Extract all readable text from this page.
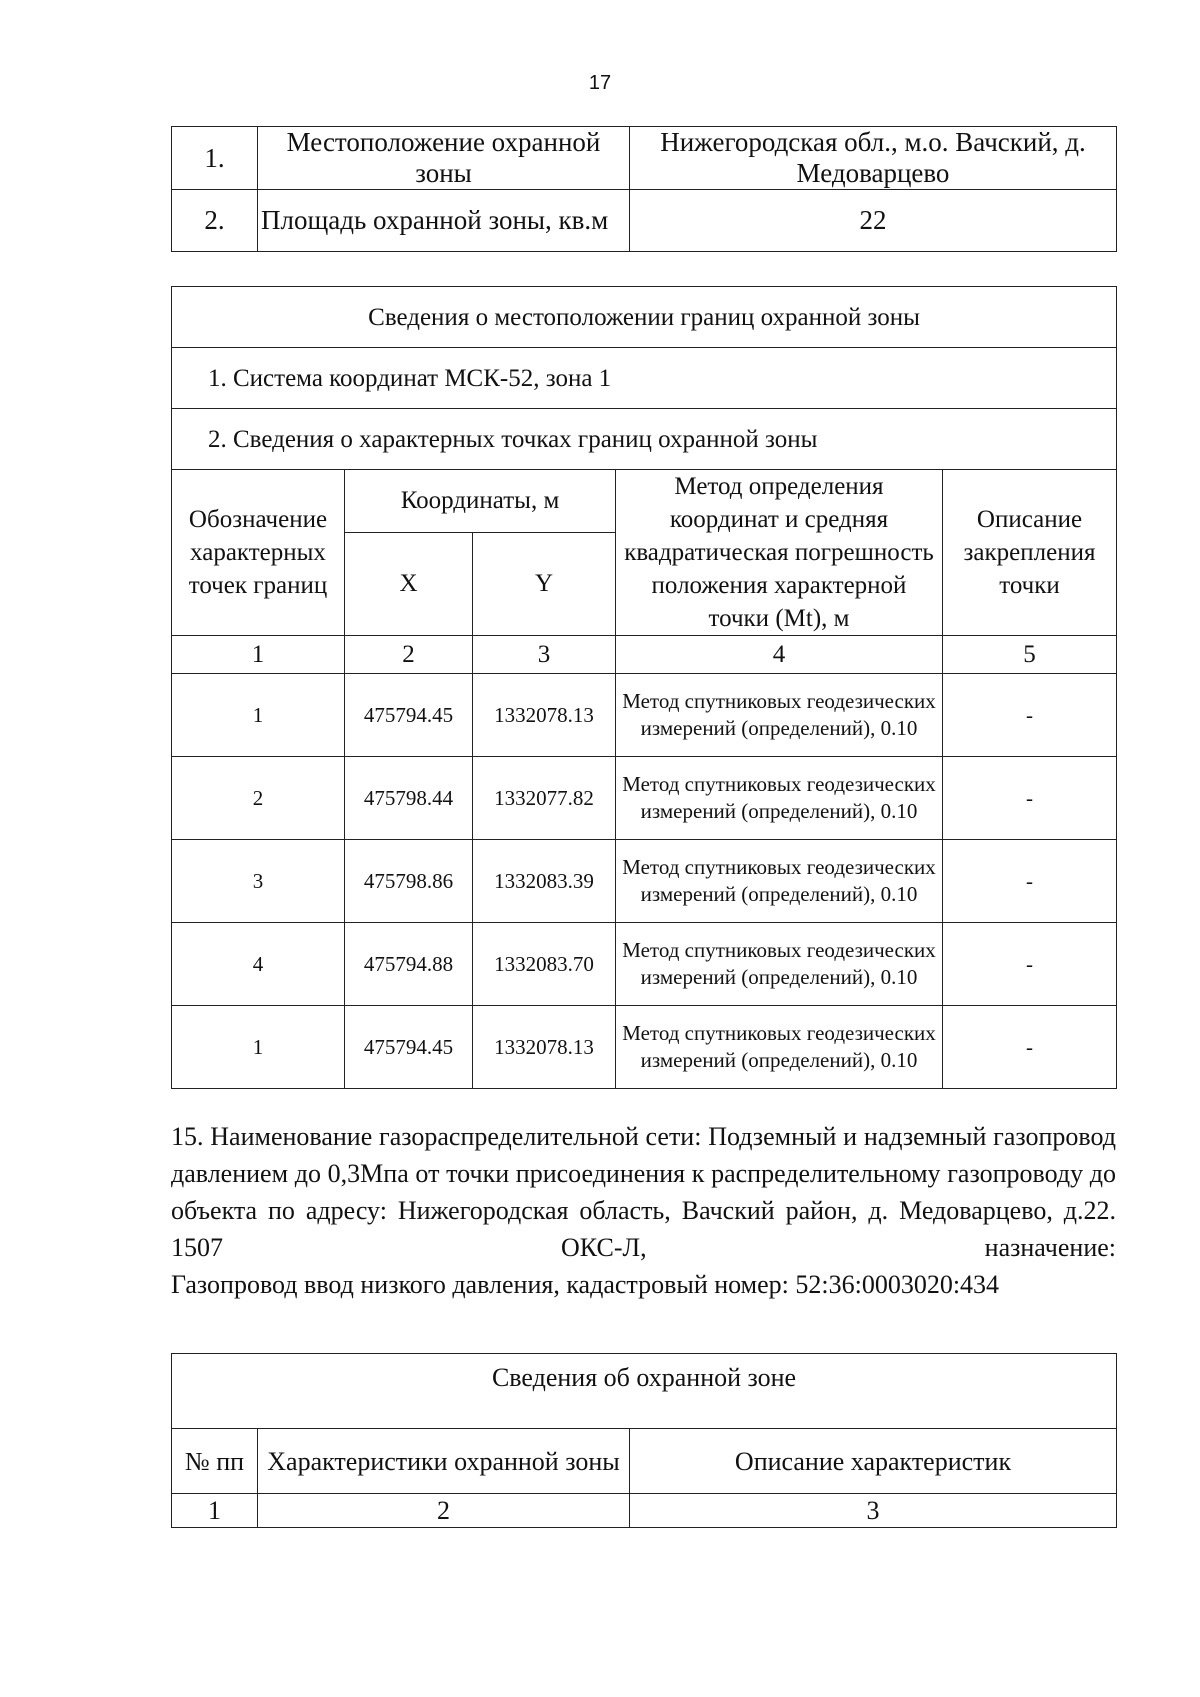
17
1.	Местоположение охранной зоны	Нижегородская обл., м.о. Вачский, д. Медоварцево
2.	Площадь охранной зоны, кв.м	22
Сведения о местоположении границ охранной зоны				
1. Система координат МСК-52, зона 1				
2. Сведения о характерных точках границ охранной зоны				
Обозначение характерных точек границ	Координаты, м		Метод определения координат и средняя квадратическая погрешность положения характерной точки (Mt), м	Описание закрепления точки
	X	Y		
1	2	3	4	5
1	475794.45	1332078.13	Метод спутниковых геодезических измерений (определений), 0.10	-
2	475798.44	1332077.82	Метод спутниковых геодезических измерений (определений), 0.10	-
3	475798.86	1332083.39	Метод спутниковых геодезических измерений (определений), 0.10	-
4	475794.88	1332083.70	Метод спутниковых геодезических измерений (определений), 0.10	-
1	475794.45	1332078.13	Метод спутниковых геодезических измерений (определений), 0.10	-
15. Наименование газораспределительной сети: Подземный и надземный газопровод давлением до 0,3Мпа от точки присоединения к распределительному газопроводу до объекта по адресу: Нижегородская область, Вачский район, д. Медоварцево, д.22. 1507 ОКС-Л, назначение:
Газопровод ввод низкого давления, кадастровый номер: 52:36:0003020:434
Сведения об охранной зоне		
№ пп	Характеристики охранной зоны	Описание характеристик
1	2	3
